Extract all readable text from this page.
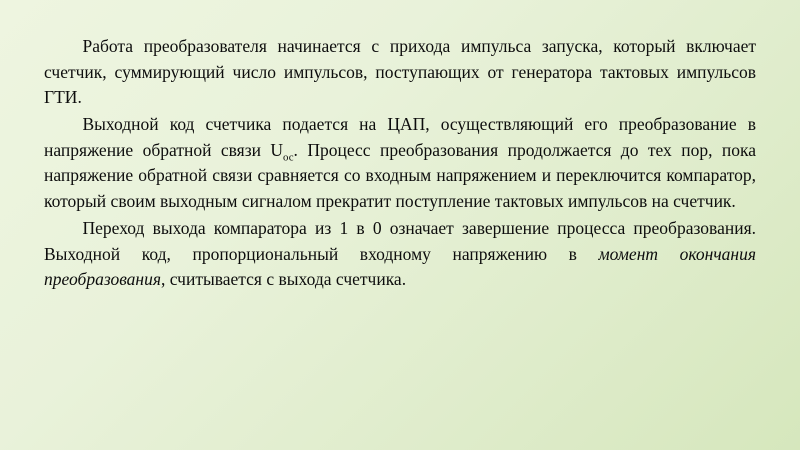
Работа преобразователя начинается с прихода импульса запуска, который включает счетчик, суммирующий число импульсов, поступающих от генератора тактовых импульсов ГТИ.

Выходной код счетчика подается на ЦАП, осуществляющий его преобразование в напряжение обратной связи $U_{ос}$. Процесс преобразования продолжается до тех пор, пока напряжение обратной связи сравняется со входным напряжением и переключится компаратор, который своим выходным сигналом прекратит поступление тактовых импульсов на счетчик.

Переход выхода компаратора из 1 в 0 означает завершение процесса преобразования. Выходной код, пропорциональный входному напряжению в момент окончания преобразования, считывается с выхода счетчика.
